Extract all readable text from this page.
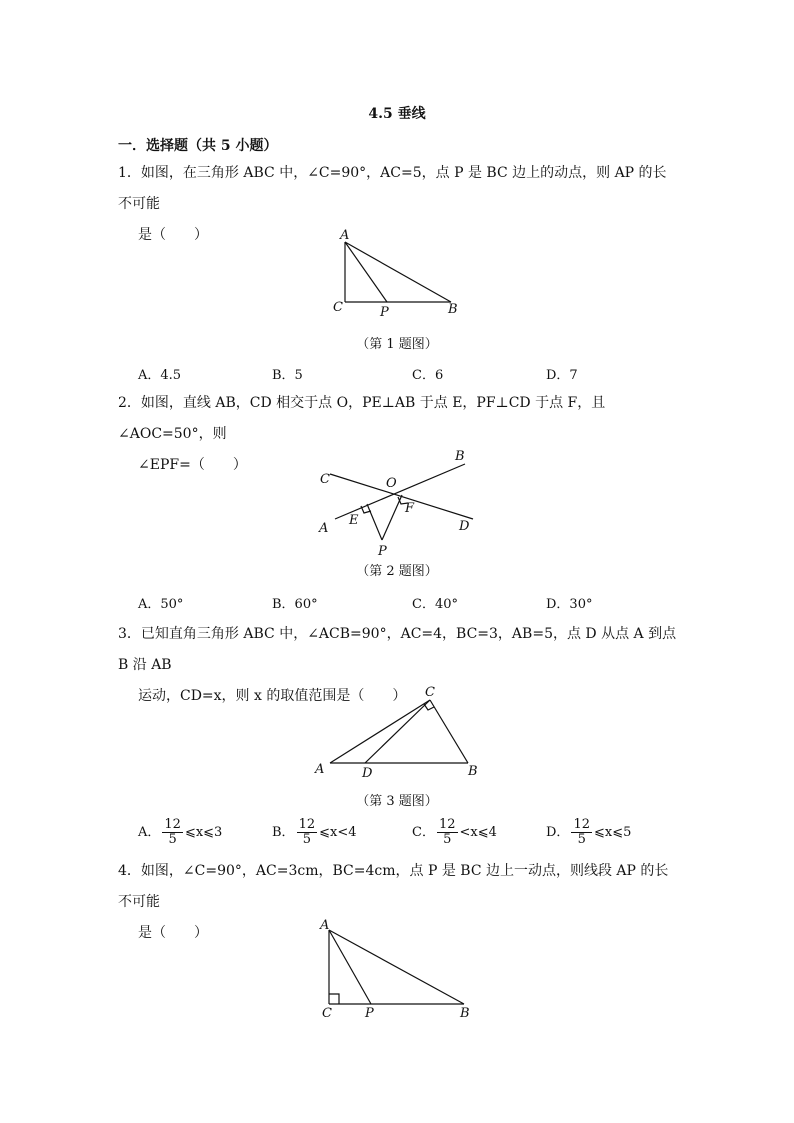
4.5 垂线
一．选择题（共 5 小题）
1．如图，在三角形 ABC 中，∠C=90°，AC=5，点 P 是 BC 边上的动点，则 AP 的长不可能
是（　　）	A
C	P	B
（第 1 题图）
A．4.5	B．5	C．6	D．7
2．如图，直线 AB，CD 相交于点 O，PE⊥AB 于点 E，PF⊥CD 于点 F，且∠AOC=50°，则
∠EPF=（　　）
B
C	O
E
F
A	D
P
（第 2 题图）
A．50°	B．60°	C．40°	D．30°
3．已知直角三角形 ABC 中，∠ACB=90°，AC=4，BC=3，AB=5，点 D 从点 A 到点 B 沿 AB
运动，CD=x，则 x 的取值范围是（　　）	C
A	D	B
（第 3 题图）
A． $\frac{12}{5}$ ⩽x⩽3	B． $\frac{12}{5}$ ⩽x<4	C． $\frac{12}{5}$ <x⩽4	D． $\frac{12}{5}$ ⩽x⩽5
4．如图，∠C=90°，AC=3cm，BC=4cm，点 P 是 BC 边上一动点，则线段 AP 的长不可能
是（　　）	A
C	P	B
